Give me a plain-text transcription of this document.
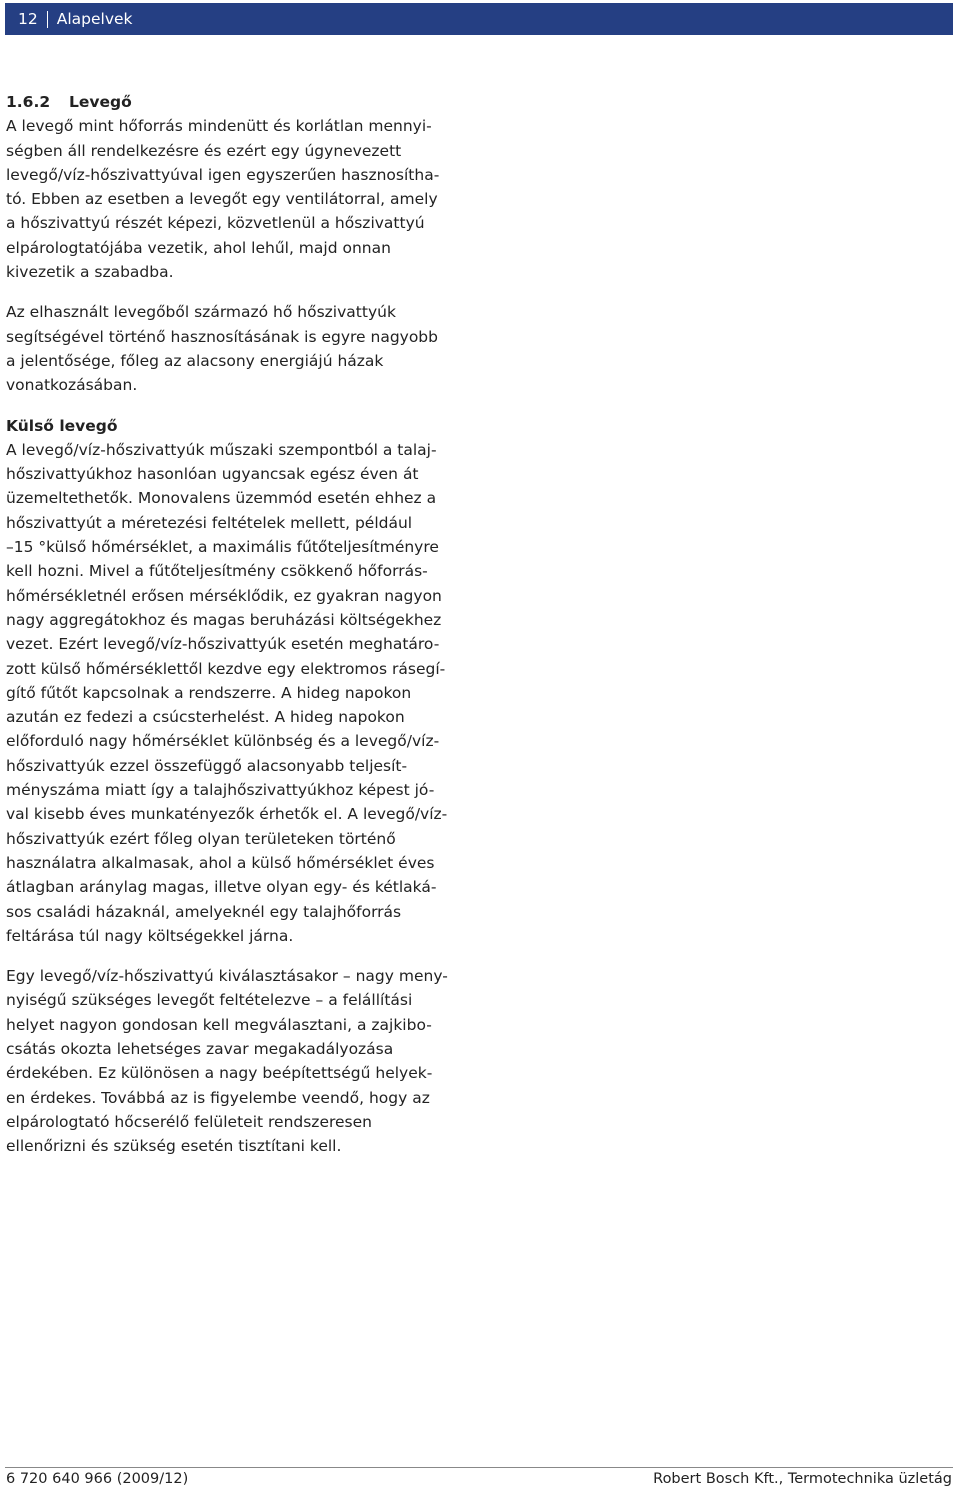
12 Alapelvek
1.6.2 Levegő
A levegő mint hőforrás mindenütt és korlátlan mennyi-
ségben áll rendelkezésre és ezért egy úgynevezett
levegő/víz-hőszivattyúval igen egyszerűen hasznosítha-
tó. Ebben az esetben a levegőt egy ventilátorral, amely
a hőszivattyú részét képezi, közvetlenül a hőszivattyú
elpárologtatójába vezetik, ahol lehűl, majd onnan
kivezetik a szabadba.
Az elhasznált levegőből származó hő hőszivattyúk
segítségével történő hasznosításának is egyre nagyobb
a jelentősége, főleg az alacsony energiájú házak
vonatkozásában.
Külső levegő
A levegő/víz-hőszivattyúk műszaki szempontból a talaj-
hőszivattyúkhoz hasonlóan ugyancsak egész éven át
üzemeltethetők. Monovalens üzemmód esetén ehhez a
hőszivattyút a méretezési feltételek mellett, például
–15 °külső hőmérséklet, a maximális fűtőteljesítményre
kell hozni. Mivel a fűtőteljesítmény csökkenő hőforrás-
hőmérsékletnél erősen mérséklődik, ez gyakran nagyon
nagy aggregátokhoz és magas beruházási költségekhez
vezet. Ezért levegő/víz-hőszivattyúk esetén meghatáro-
zott külső hőmérséklettől kezdve egy elektromos rásegí-
gítő fűtőt kapcsolnak a rendszerre. A hideg napokon
azután ez fedezi a csúcsterhelést. A hideg napokon
előforduló nagy hőmérséklet különbség és a levegő/víz-
hőszivattyúk ezzel összefüggő alacsonyabb teljesít-
ményszáma miatt így a talajhőszivattyúkhoz képest jó-
val kisebb éves munkatényezők érhetők el. A levegő/víz-
hőszivattyúk ezért főleg olyan területeken történő
használatra alkalmasak, ahol a külső hőmérséklet éves
átlagban aránylag magas, illetve olyan egy- és kétlaká-
sos családi házaknál, amelyeknél egy talajhőforrás
feltárása túl nagy költségekkel járna.
Egy levegő/víz-hőszivattyú kiválasztásakor – nagy meny-
nyiségű szükséges levegőt feltételezve – a felállítási
helyet nagyon gondosan kell megválasztani, a zajkibo-
csátás okozta lehetséges zavar megakadályozása
érdekében. Ez különösen a nagy beépítettségű helyek-
en érdekes. Továbbá az is figyelembe veendő, hogy az
elpárologtató hőcserélő felületeit rendszeresen
ellenőrizni és szükség esetén tisztítani kell.
6 720 640 966 (2009/12)	Robert Bosch Kft., Termotechnika üzletág
